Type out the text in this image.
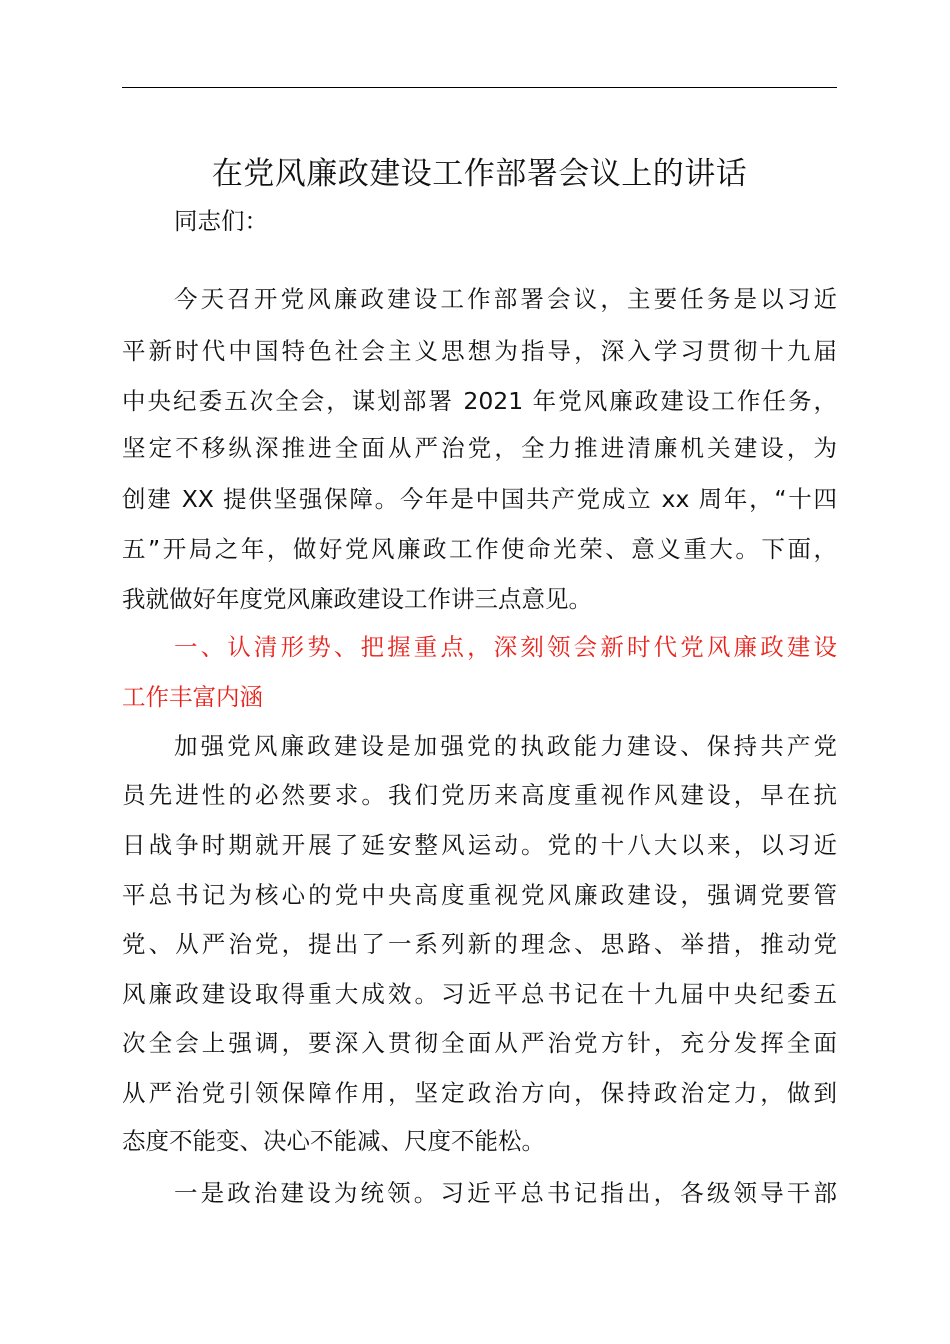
在党风廉政建设工作部署会议上的讲话
同志们：
今天召开党风廉政建设工作部署会议，主要任务是以习近
平新时代中国特色社会主义思想为指导，深入学习贯彻十九届
中央纪委五次全会，谋划部署 2021 年党风廉政建设工作任务，
坚定不移纵深推进全面从严治党，全力推进清廉机关建设，为
创建 XX 提供坚强保障。今年是中国共产党成立 xx 周年，“十四
五”开局之年，做好党风廉政工作使命光荣、意义重大。下面，
我就做好年度党风廉政建设工作讲三点意见。
一、认清形势、把握重点，深刻领会新时代党风廉政建设
工作丰富内涵
加强党风廉政建设是加强党的执政能力建设、保持共产党
员先进性的必然要求。我们党历来高度重视作风建设，早在抗
日战争时期就开展了延安整风运动。党的十八大以来，以习近
平总书记为核心的党中央高度重视党风廉政建设，强调党要管
党、从严治党，提出了一系列新的理念、思路、举措，推动党
风廉政建设取得重大成效。习近平总书记在十九届中央纪委五
次全会上强调，要深入贯彻全面从严治党方针，充分发挥全面
从严治党引领保障作用，坚定政治方向，保持政治定力，做到
态度不能变、决心不能减、尺度不能松。
一是政治建设为统领。习近平总书记指出，各级领导干部
